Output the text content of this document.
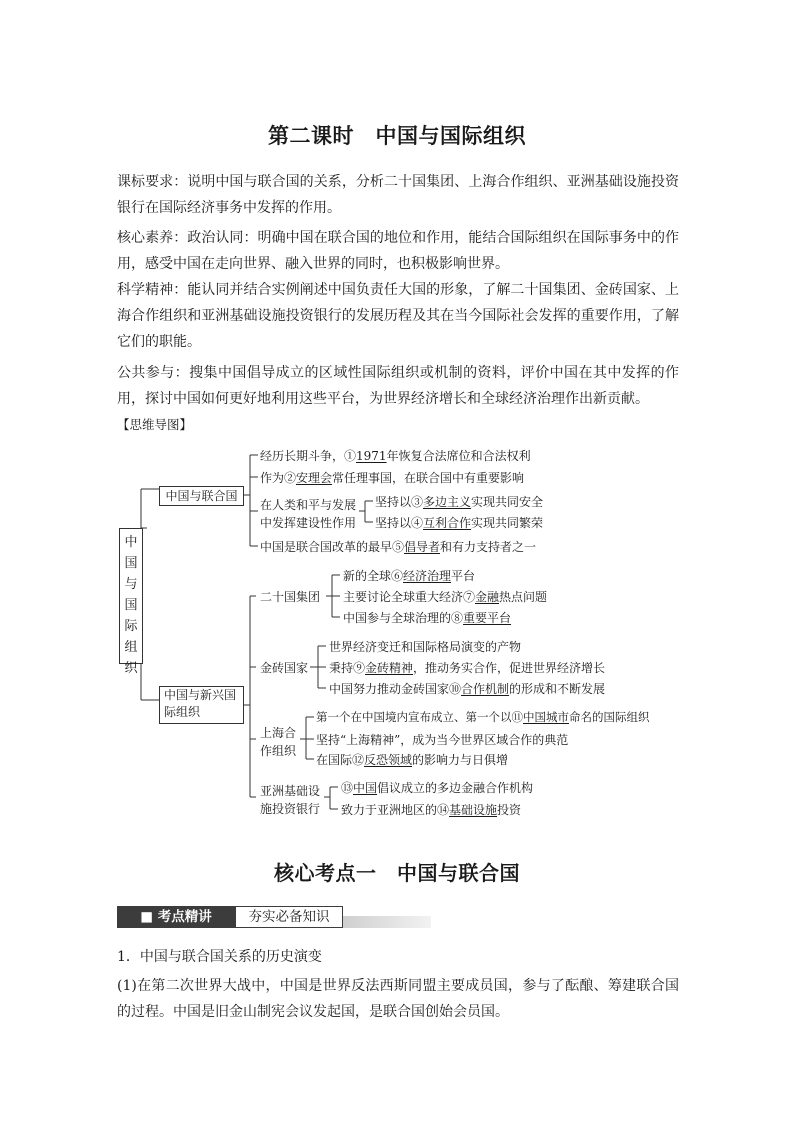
第二课时　中国与国际组织
课标要求：说明中国与联合国的关系，分析二十国集团、上海合作组织、亚洲基础设施投资银行在国际经济事务中发挥的作用。
核心素养：政治认同：明确中国在联合国的地位和作用，能结合国际组织在国际事务中的作用，感受中国在走向世界、融入世界的同时，也积极影响世界。
科学精神：能认同并结合实例阐述中国负责任大国的形象，了解二十国集团、金砖国家、上海合作组织和亚洲基础设施投资银行的发展历程及其在当今国际社会发挥的重要作用，了解它们的职能。
公共参与：搜集中国倡导成立的区域性国际组织或机制的资料，评价中国在其中发挥的作用，探讨中国如何更好地利用这些平台，为世界经济增长和全球经济治理作出新贡献。
【思维导图】
中国与国际组织
中国与联合国
经历长期斗争，①1971年恢复合法席位和合法权利
作为②安理会常任理事国，在联合国中有重要影响
在人类和平与发展
中发挥建设性作用
坚持以③多边主义实现共同安全
坚持以④互利合作实现共同繁荣
中国是联合国改革的最早⑤倡导者和有力支持者之一
中国与新兴国
际组织
二十国集团
新的全球⑥经济治理平台
主要讨论全球重大经济⑦金融热点问题
中国参与全球治理的⑧重要平台
金砖国家
世界经济变迁和国际格局演变的产物
秉持⑨金砖精神，推动务实合作，促进世界经济增长
中国努力推动金砖国家⑩合作机制的形成和不断发展
上海合
作组织
第一个在中国境内宣布成立、第一个以⑪中国城市命名的国际组织
坚持“上海精神”，成为当今世界区域合作的典范
在国际⑫反恐领域的影响力与日俱增
亚洲基础设
施投资银行
⑬中国倡议成立的多边金融合作机构
致力于亚洲地区的⑭基础设施投资
核心考点一　中国与联合国
■ 考点精讲	夯实必备知识
1．中国与联合国关系的历史演变
(1)在第二次世界大战中，中国是世界反法西斯同盟主要成员国，参与了酝酿、筹建联合国的过程。中国是旧金山制宪会议发起国，是联合国创始会员国。
